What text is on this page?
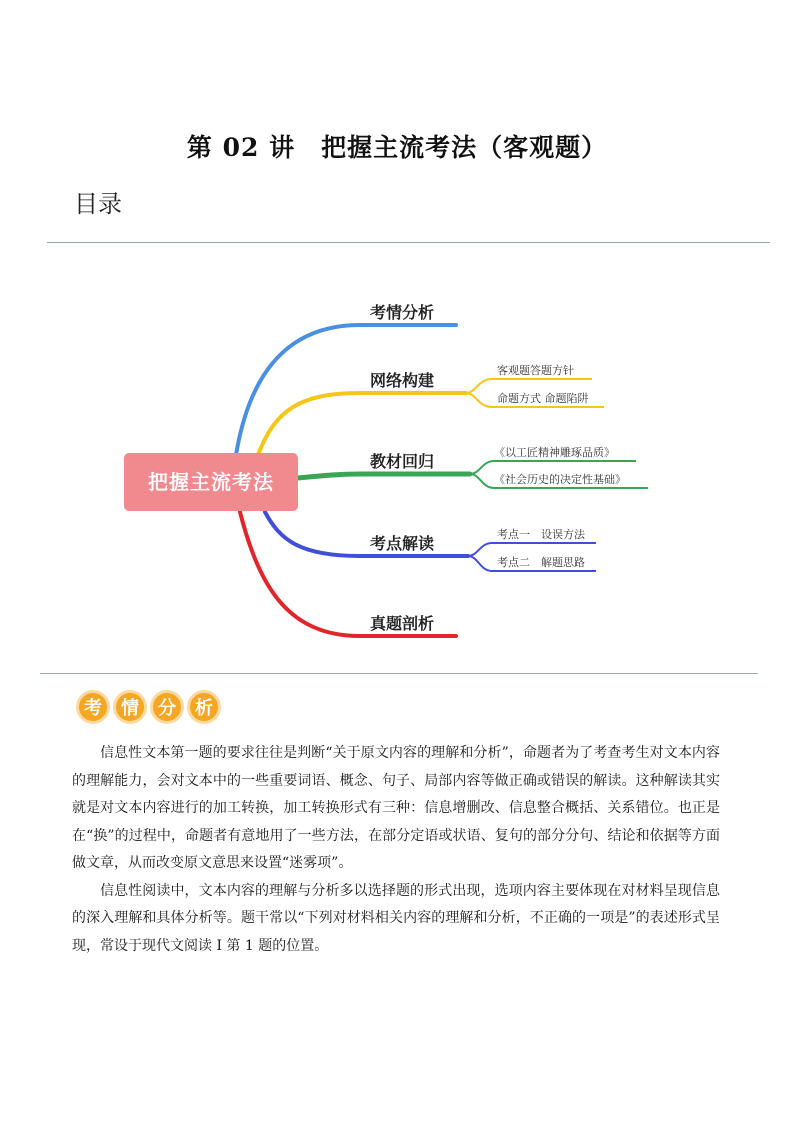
第 02 讲　把握主流考法（客观题）
目录
把握主流考法
考情分析
网络构建
教材回归
考点解读
真题剖析
客观题答题方针
命题方式 命题陷阱
《以工匠精神雕琢品质》
《社会历史的决定性基础》
考点一　设误方法
考点二　解题思路
考	情	分	析

信息性文本第一题的要求往往是判断“关于原文内容的理解和分析”，命题者为了考查考生对文本内容的理解能力，会对文本中的一些重要词语、概念、句子、局部内容等做正确或错误的解读。这种解读其实就是对文本内容进行的加工转换，加工转换形式有三种：信息增删改、信息整合概括、关系错位。也正是在“换”的过程中，命题者有意地用了一些方法，在部分定语或状语、复句的部分分句、结论和依据等方面做文章，从而改变原文意思来设置“迷雾项”。

信息性阅读中，文本内容的理解与分析多以选择题的形式出现，选项内容主要体现在对材料呈现信息的深入理解和具体分析等。题干常以“下列对材料相关内容的理解和分析，不正确的一项是”的表述形式呈现，常设于现代文阅读 I 第 1 题的位置。
